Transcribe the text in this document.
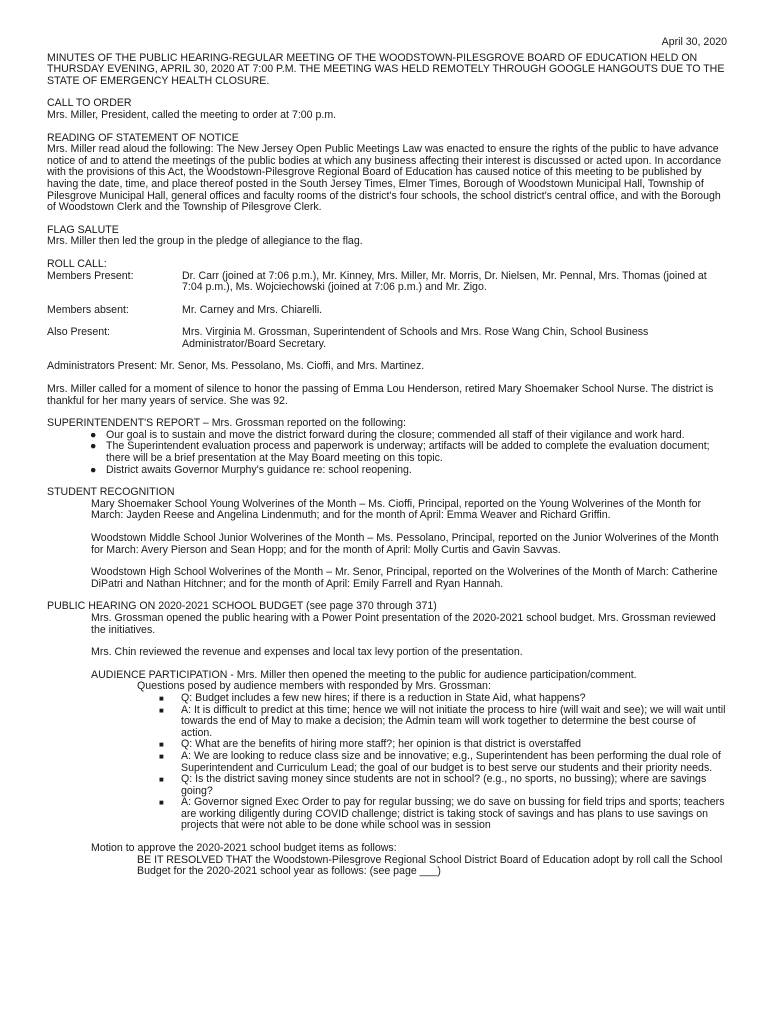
April 30, 2020
MINUTES OF THE PUBLIC HEARING-REGULAR MEETING OF THE WOODSTOWN-PILESGROVE BOARD OF EDUCATION HELD ON THURSDAY EVENING, APRIL 30, 2020 AT 7:00 P.M. THE MEETING WAS HELD REMOTELY THROUGH GOOGLE HANGOUTS DUE TO THE STATE OF EMERGENCY HEALTH CLOSURE.
CALL TO ORDER
Mrs. Miller, President, called the meeting to order at 7:00 p.m.
READING OF STATEMENT OF NOTICE
Mrs. Miller read aloud the following: The New Jersey Open Public Meetings Law was enacted to ensure the rights of the public to have advance notice of and to attend the meetings of the public bodies at which any business affecting their interest is discussed or acted upon. In accordance with the provisions of this Act, the Woodstown-Pilesgrove Regional Board of Education has caused notice of this meeting to be published by having the date, time, and place thereof posted in the South Jersey Times, Elmer Times, Borough of Woodstown Municipal Hall, Township of Pilesgrove Municipal Hall, general offices and faculty rooms of the district's four schools, the school district's central office, and with the Borough of Woodstown Clerk and the Township of Pilesgrove Clerk.
FLAG SALUTE
Mrs. Miller then led the group in the pledge of allegiance to the flag.
ROLL CALL:
Members Present:	Dr. Carr (joined at 7:06 p.m.), Mr. Kinney, Mrs. Miller, Mr. Morris, Dr. Nielsen, Mr. Pennal, Mrs. Thomas (joined at 7:04 p.m.), Ms. Wojciechowski (joined at 7:06 p.m.) and Mr. Zigo.
Members absent:	Mr. Carney and Mrs. Chiarelli.
Also Present:	Mrs. Virginia M. Grossman, Superintendent of Schools and Mrs. Rose Wang Chin, School Business Administrator/Board Secretary.
Administrators Present: Mr. Senor, Ms. Pessolano, Ms. Cioffi, and Mrs. Martinez.
Mrs. Miller called for a moment of silence to honor the passing of Emma Lou Henderson, retired Mary Shoemaker School Nurse. The district is thankful for her many years of service. She was 92.
SUPERINTENDENT'S REPORT – Mrs. Grossman reported on the following:
● Our goal is to sustain and move the district forward during the closure; commended all staff of their vigilance and work hard.
● The Superintendent evaluation process and paperwork is underway; artifacts will be added to complete the evaluation document; there will be a brief presentation at the May Board meeting on this topic.
● District awaits Governor Murphy's guidance re: school reopening.
STUDENT RECOGNITION
Mary Shoemaker School Young Wolverines of the Month – Ms. Cioffi, Principal, reported on the Young Wolverines of the Month for March: Jayden Reese and Angelina Lindenmuth; and for the month of April: Emma Weaver and Richard Griffin.
Woodstown Middle School Junior Wolverines of the Month – Ms. Pessolano, Principal, reported on the Junior Wolverines of the Month for March: Avery Pierson and Sean Hopp; and for the month of April: Molly Curtis and Gavin Savvas.
Woodstown High School Wolverines of the Month – Mr. Senor, Principal, reported on the Wolverines of the Month of March: Catherine DiPatri and Nathan Hitchner; and for the month of April: Emily Farrell and Ryan Hannah.
PUBLIC HEARING ON 2020-2021 SCHOOL BUDGET (see page 370 through 371)
Mrs. Grossman opened the public hearing with a Power Point presentation of the 2020-2021 school budget. Mrs. Grossman reviewed the initiatives.
Mrs. Chin reviewed the revenue and expenses and local tax levy portion of the presentation.
AUDIENCE PARTICIPATION - Mrs. Miller then opened the meeting to the public for audience participation/comment.
Questions posed by audience members with responded by Mrs. Grossman:
■ Q: Budget includes a few new hires; if there is a reduction in State Aid, what happens?
■ A: It is difficult to predict at this time; hence we will not initiate the process to hire (will wait and see); we will wait until towards the end of May to make a decision; the Admin team will work together to determine the best course of action.
■ Q: What are the benefits of hiring more staff?; her opinion is that district is overstaffed
■ A: We are looking to reduce class size and be innovative; e.g., Superintendent has been performing the dual role of Superintendent and Curriculum Lead; the goal of our budget is to best serve our students and their priority needs.
■ Q: Is the district saving money since students are not in school? (e.g., no sports, no bussing); where are savings going?
■ A: Governor signed Exec Order to pay for regular bussing; we do save on bussing for field trips and sports; teachers are working diligently during COVID challenge; district is taking stock of savings and has plans to use savings on projects that were not able to be done while school was in session
Motion to approve the 2020-2021 school budget items as follows:
BE IT RESOLVED THAT the Woodstown-Pilesgrove Regional School District Board of Education adopt by roll call the School Budget for the 2020-2021 school year as follows: (see page ___)
